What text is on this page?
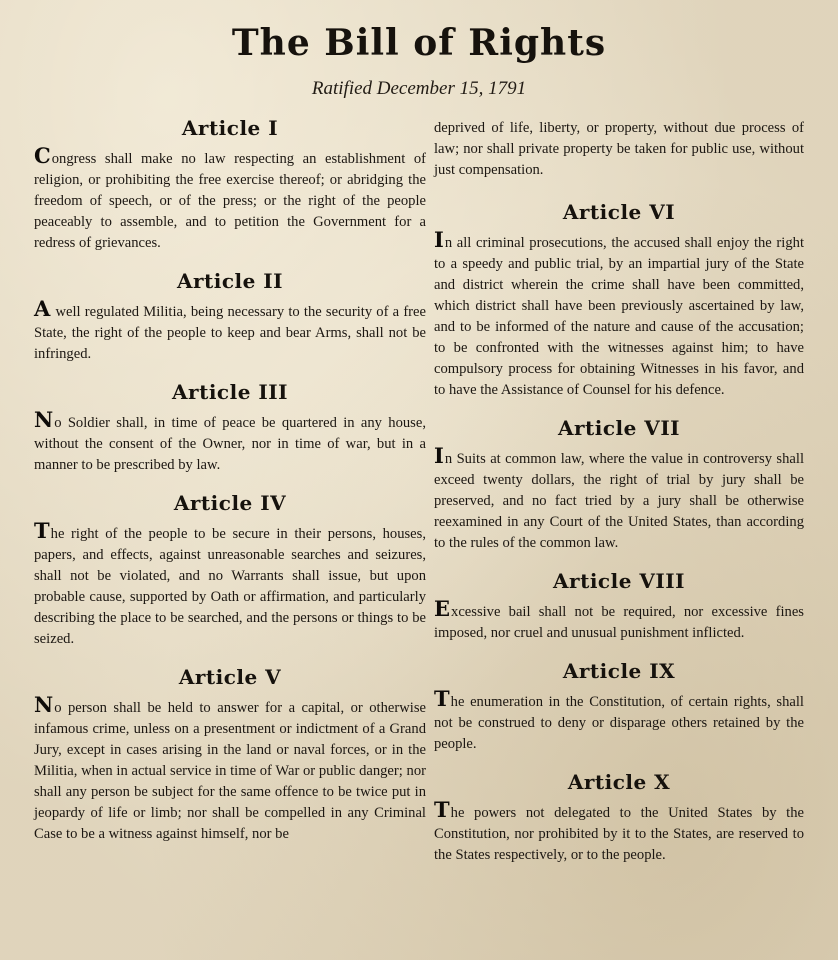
The Bill of Rights
Ratified December 15, 1791
Article I

Congress shall make no law respecting an establishment of religion, or prohibiting the free exercise thereof; or abridging the freedom of speech, or of the press; or the right of the people peaceably to assemble, and to petition the Government for a redress of grievances.

Article II

A well regulated Militia, being necessary to the security of a free State, the right of the people to keep and bear Arms, shall not be infringed.

Article III

No Soldier shall, in time of peace be quartered in any house, without the consent of the Owner, nor in time of war, but in a manner to be prescribed by law.

Article IV

The right of the people to be secure in their persons, houses, papers, and effects, against unreasonable searches and seizures, shall not be violated, and no Warrants shall issue, but upon probable cause, supported by Oath or affirmation, and particularly describing the place to be searched, and the persons or things to be seized.

Article V

No person shall be held to answer for a capital, or otherwise infamous crime, unless on a presentment or indictment of a Grand Jury, except in cases arising in the land or naval forces, or in the Militia, when in actual service in time of War or public danger; nor shall any person be subject for the same offence to be twice put in jeopardy of life or limb; nor shall be compelled in any Criminal Case to be a witness against himself, nor be

deprived of life, liberty, or property, without due process of law; nor shall private property be taken for public use, without just compensation.

Article VI

In all criminal prosecutions, the accused shall enjoy the right to a speedy and public trial, by an impartial jury of the State and district wherein the crime shall have been committed, which district shall have been previously ascertained by law, and to be informed of the nature and cause of the accusation; to be confronted with the witnesses against him; to have compulsory process for obtaining Witnesses in his favor, and to have the Assistance of Counsel for his defence.

Article VII

In Suits at common law, where the value in controversy shall exceed twenty dollars, the right of trial by jury shall be preserved, and no fact tried by a jury shall be otherwise reexamined in any Court of the United States, than according to the rules of the common law.

Article VIII

Excessive bail shall not be required, nor excessive fines imposed, nor cruel and unusual punishment inflicted.

Article IX

The enumeration in the Constitution, of certain rights, shall not be construed to deny or disparage others retained by the people.

Article X

The powers not delegated to the United States by the Constitution, nor prohibited by it to the States, are reserved to the States respectively, or to the people.
